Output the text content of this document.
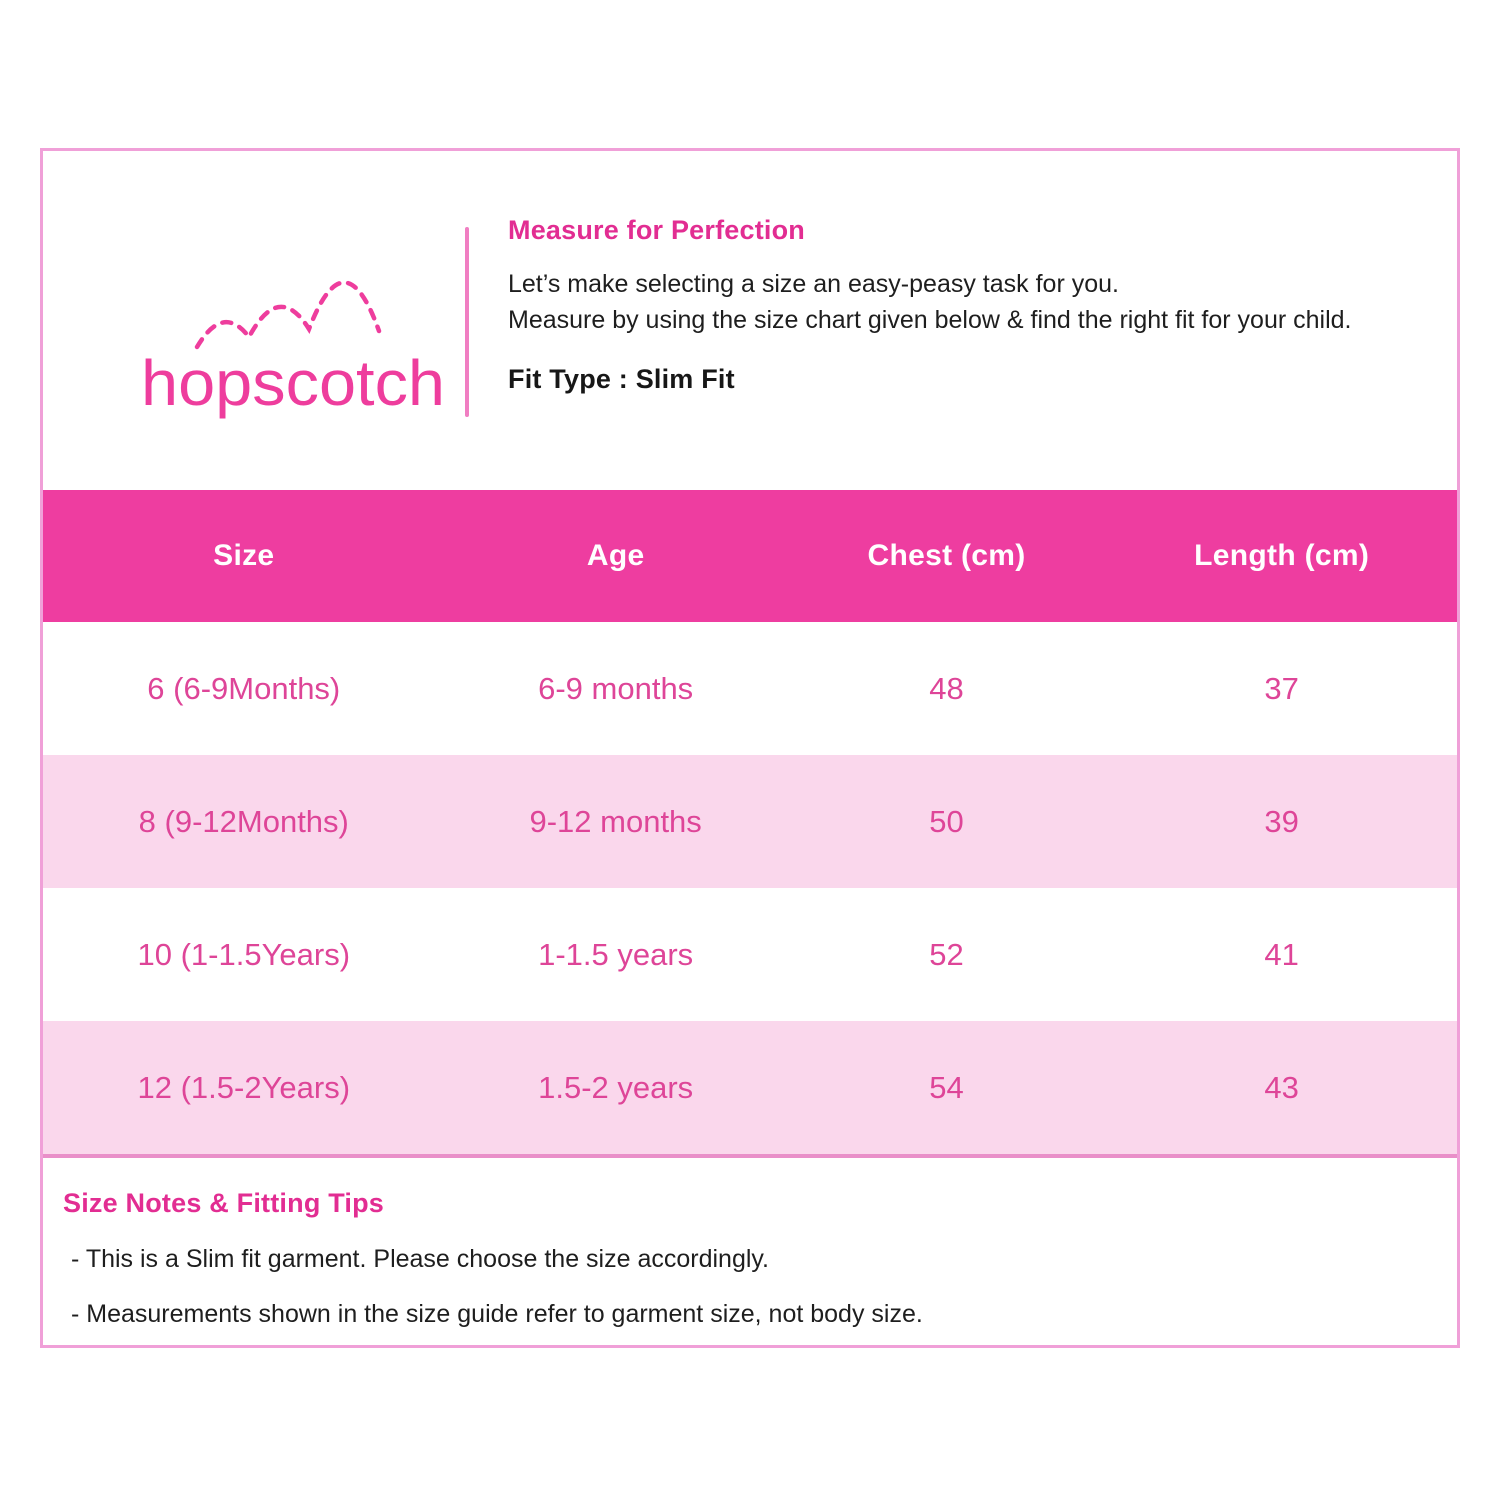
hopscotch
Measure for Perfection
Let’s make selecting a size an easy-peasy task for you.
Measure by using the size chart given below & find the right fit for your child.
Fit Type : Slim Fit
Size	Age	Chest (cm)	Length (cm)
6 (6-9Months)	6-9 months	48	37
8 (9-12Months)	9-12 months	50	39
10 (1-1.5Years)	1-1.5 years	52	41
12 (1.5-2Years)	1.5-2 years	54	43
Size Notes & Fitting Tips
- This is a Slim fit garment. Please choose the size accordingly.
- Measurements shown in the size guide refer to garment size, not body size.
